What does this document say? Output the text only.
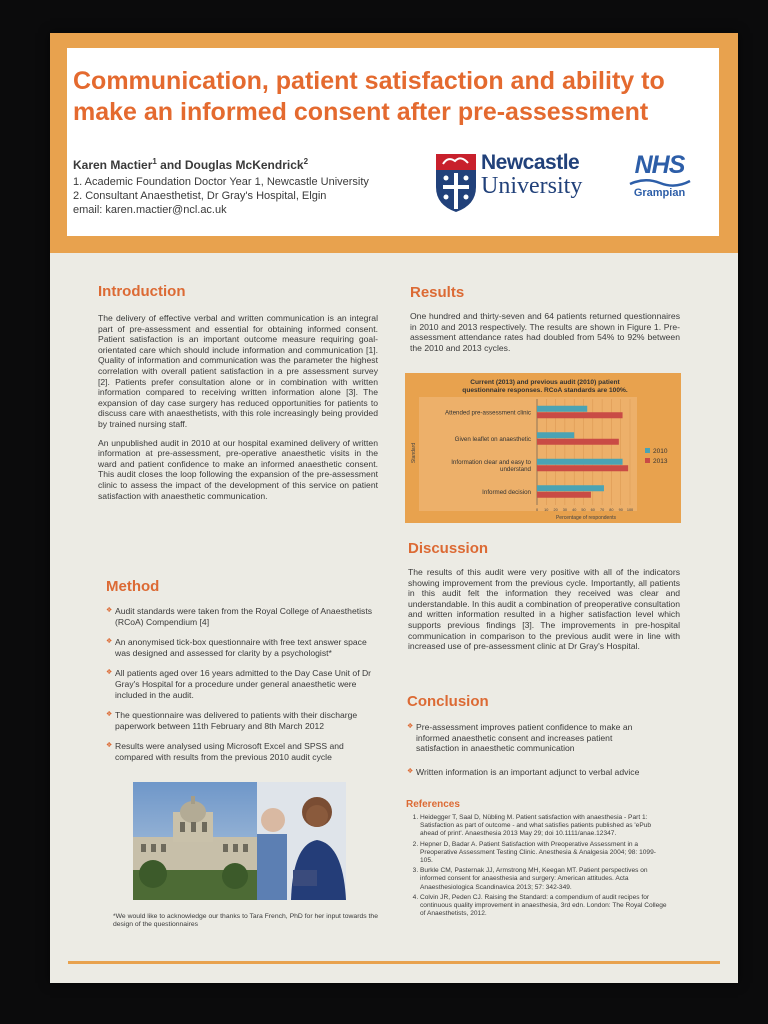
Communication, patient satisfaction and ability to make an informed consent after pre-assessment
Karen Mactier$^1$ and Douglas McKendrick$^2$
1. Academic Foundation Doctor Year 1, Newcastle University
2. Consultant Anaesthetist, Dr Gray's Hospital, Elgin
email: karen.mactier@ncl.ac.uk
Newcastle
University
NHS
Grampian
Introduction

The delivery of effective verbal and written communication is an integral part of pre-assessment and essential for obtaining informed consent. Patient satisfaction is an important outcome measure requiring goal-orientated care which should include information and communication [1]. Quality of information and communication was the parameter the highest correlation with overall patient satisfaction in a pre assessment survey [2]. Patients prefer consultation alone or in combination with written information compared to receiving written information alone [3]. The expansion of day case surgery has reduced opportunities for patients to discuss care with anaesthetists, with this role increasingly being provided by trained nursing staff.

An unpublished audit in 2010 at our hospital examined delivery of written information at pre-assessment, pre-operative anaesthetic visits in the ward and patient confidence to make an informed anaesthetic consent. This audit closes the loop following the expansion of the pre-assessment clinic to assess the impact of the development of this service on patient satisfaction with anaesthetic communication.

Method
❖ Audit standards were taken from the Royal College of Anaesthetists (RCoA) Compendium [4]
❖ An anonymised tick-box questionnaire with free text answer space was designed and assessed for clarity by a psychologist*
❖ All patients aged over 16 years admitted to the Day Case Unit of Dr Gray's Hospital for a procedure under general anaesthetic were included in the audit.
❖ The questionnaire was delivered to patients with their discharge paperwork between 11th February and 8th March 2012
❖ Results were analysed using Microsoft Excel and SPSS and compared with results from the previous 2010 audit cycle
*We would like to acknowledge our thanks to Tara French, PhD for her input towards the design of the questionnaires
Results

One hundred and thirty-seven and 64 patients returned questionnaires in 2010 and 2013 respectively. The results are shown in Figure 1. Pre-assessment attendance rates had doubled from 54% to 92% between the 2010 and 2013 cycles.

Current (2013) and previous audit (2010) patient
questionnaire responses. RCoA standards are 100%.
Standard
Percentage of respondents
Attended pre-assessment clinic
Given leaflet on anaesthetic
Information clear and easy to
understand
Informed decision
0 10 20 30 40 50 60 70 80 90 100
2010
2013
Discussion

The results of this audit were very positive with all of the indicators showing improvement from the previous cycle. Importantly, all patients in this audit felt the information they received was clear and understandable. In this audit a combination of preoperative consultation and written information resulted in a higher satisfaction level which supports previous findings [3]. The improvements in pre-hospital communication in comparison to the previous audit were in line with increased use of pre-assessment clinic at Dr Gray's Hospital.

Conclusion
❖ Pre-assessment improves patient confidence to make an informed anaesthetic consent and increases patient satisfaction in anaesthetic communication
❖ Written information is an important adjunct to verbal advice
References
1. Heidegger T, Saal D, Nübling M. Patient satisfaction with anaesthesia - Part 1: Satisfaction as part of outcome - and what satisfies patients published as 'ePub ahead of print'. Anaesthesia 2013 May 29; doi 10.1111/anae.12347.
2. Hepner D, Badar A. Patient Satisfaction with Preoperative Assessment in a Preoperative Assessment Testing Clinic. Anesthesia & Analgesia 2004; 98: 1099-105.
3. Burkle CM, Pasternak JJ, Armstrong MH, Keegan MT. Patient perspectives on informed consent for anaesthesia and surgery: American attitudes. Acta Anaesthesiologica Scandinavica 2013; 57: 342-349.
4. Colvin JR, Peden CJ. Raising the Standard: a compendium of audit recipes for continuous quality improvement in anaesthesia, 3rd edn. London: The Royal College of Anaesthetists, 2012.
